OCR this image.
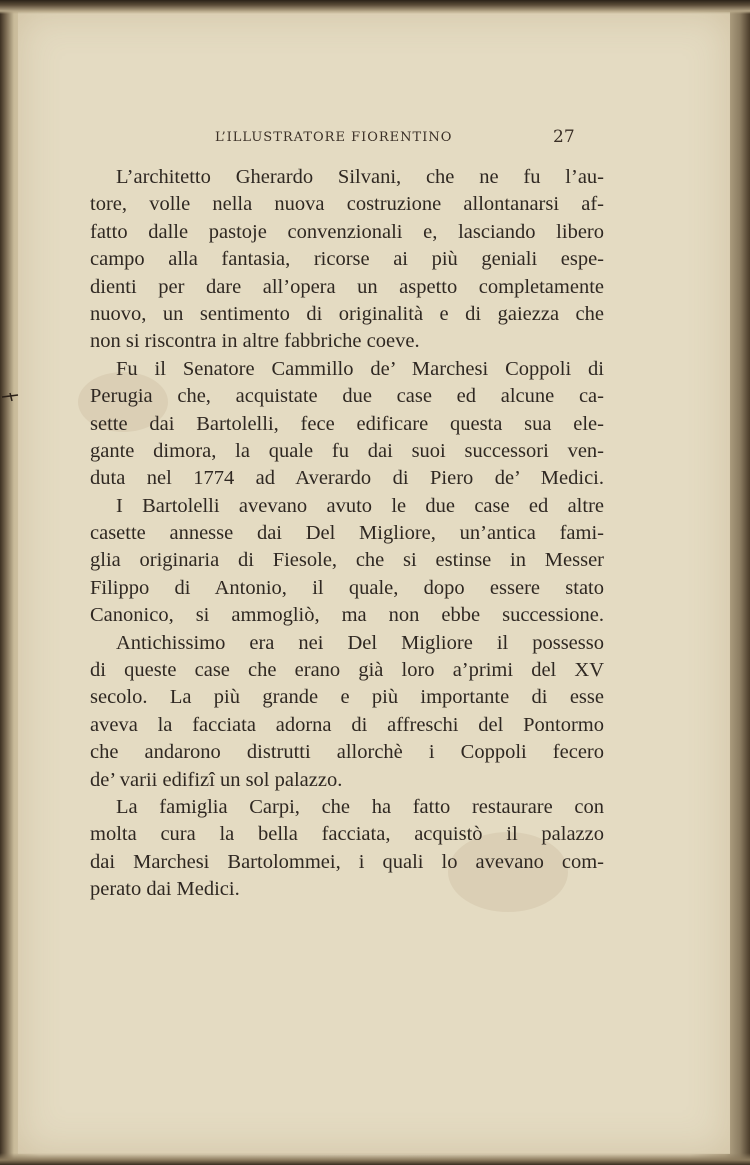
L’ILLUSTRATORE FIORENTINO	27
L’architetto Gherardo Silvani, che ne fu l’au-
tore, volle nella nuova costruzione allontanarsi af-
fatto dalle pastoje convenzionali e, lasciando libero
campo alla fantasia, ricorse ai più geniali espe-
dienti per dare all’opera un aspetto completamente
nuovo, un sentimento di originalità e di gaiezza che
non si riscontra in altre fabbriche coeve.
Fu il Senatore Cammillo de’ Marchesi Coppoli di
Perugia che, acquistate due case ed alcune ca-
sette dai Bartolelli, fece edificare questa sua ele-
gante dimora, la quale fu dai suoi successori ven-
duta nel 1774 ad Averardo di Piero de’ Medici.
I Bartolelli avevano avuto le due case ed altre
casette annesse dai Del Migliore, un’antica fami-
glia originaria di Fiesole, che si estinse in Messer
Filippo di Antonio, il quale, dopo essere stato
Canonico, si ammogliò, ma non ebbe successione.
Antichissimo era nei Del Migliore il possesso
di queste case che erano già loro a’primi del XV
secolo. La più grande e più importante di esse
aveva la facciata adorna di affreschi del Pontormo
che andarono distrutti allorchè i Coppoli fecero
de’ varii edifizî un sol palazzo.
La famiglia Carpi, che ha fatto restaurare con
molta cura la bella facciata, acquistò il palazzo
dai Marchesi Bartolommei, i quali lo avevano com-
perato dai Medici.
